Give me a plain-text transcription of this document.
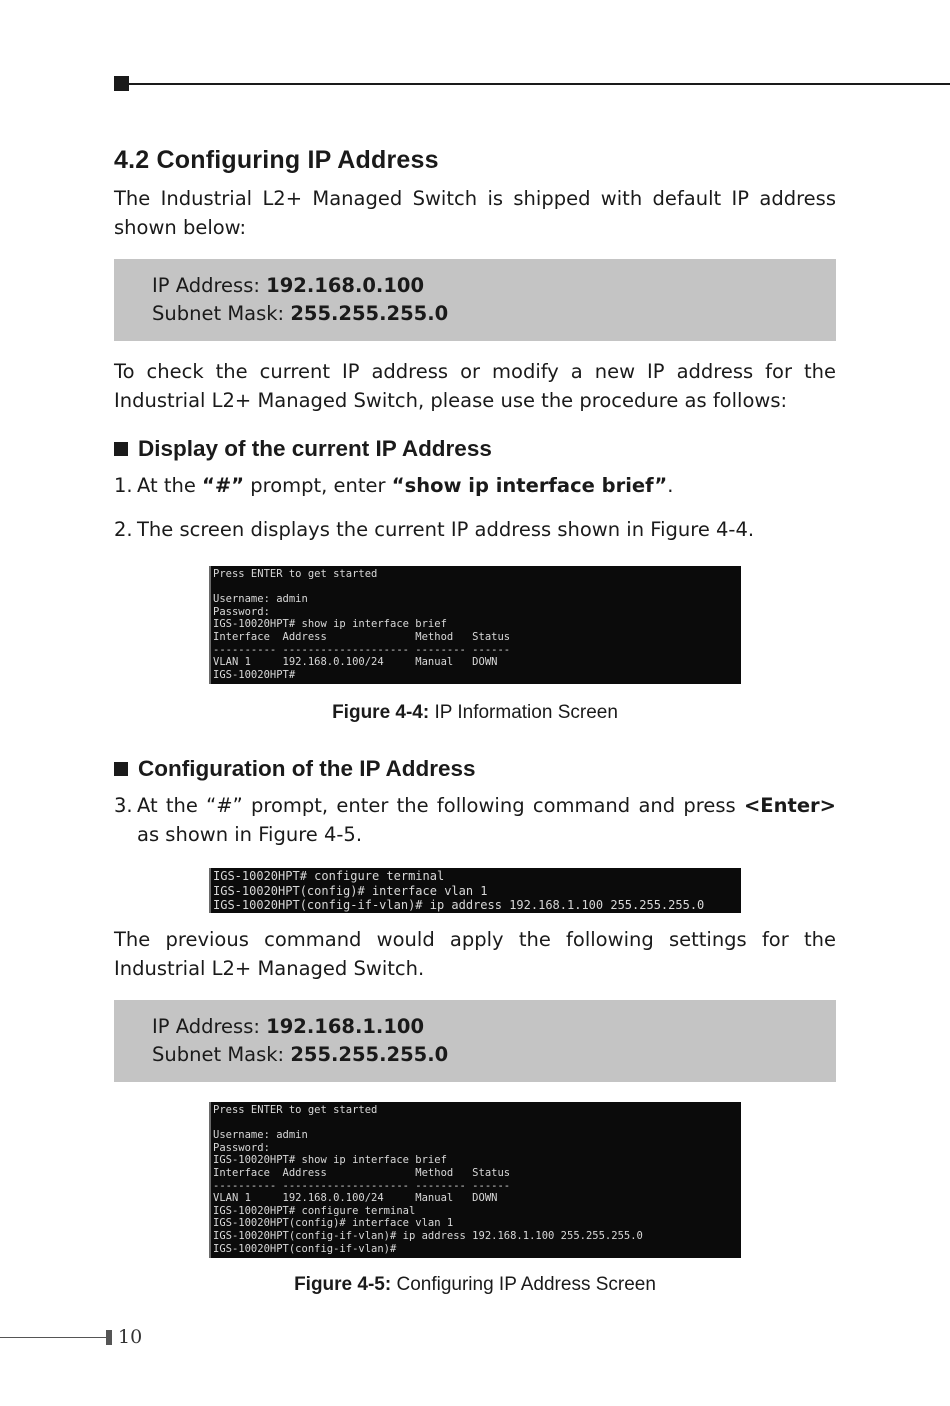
4.2 Configuring IP Address
The Industrial L2+ Managed Switch is shipped with default IP address shown below:
IP Address: 192.168.0.100
Subnet Mask: 255.255.255.0
To check the current IP address or modify a new IP address for the Industrial L2+ Managed Switch, please use the procedure as follows:
Display of the current IP Address
1. At the “#” prompt, enter “show ip interface brief”.
2. The screen displays the current IP address shown in Figure 4-4.
Press ENTER to get started

Username: admin
Password:
IGS-10020HPT# show ip interface brief
Interface  Address              Method   Status
---------- -------------------- -------- ------
VLAN 1     192.168.0.100/24     Manual   DOWN
IGS-10020HPT#
Figure 4-4: IP Information Screen
Configuration of the IP Address
3. At the “#” prompt, enter the following command and press <Enter> as shown in Figure 4-5.
IGS-10020HPT# configure terminal
IGS-10020HPT(config)# interface vlan 1
IGS-10020HPT(config-if-vlan)# ip address 192.168.1.100 255.255.255.0
The previous command would apply the following settings for the Industrial L2+ Managed Switch.
IP Address: 192.168.1.100
Subnet Mask: 255.255.255.0
Press ENTER to get started

Username: admin
Password:
IGS-10020HPT# show ip interface brief
Interface  Address              Method   Status
---------- -------------------- -------- ------
VLAN 1     192.168.0.100/24     Manual   DOWN
IGS-10020HPT# configure terminal
IGS-10020HPT(config)# interface vlan 1
IGS-10020HPT(config-if-vlan)# ip address 192.168.1.100 255.255.255.0
IGS-10020HPT(config-if-vlan)#
Figure 4-5: Configuring IP Address Screen
10
